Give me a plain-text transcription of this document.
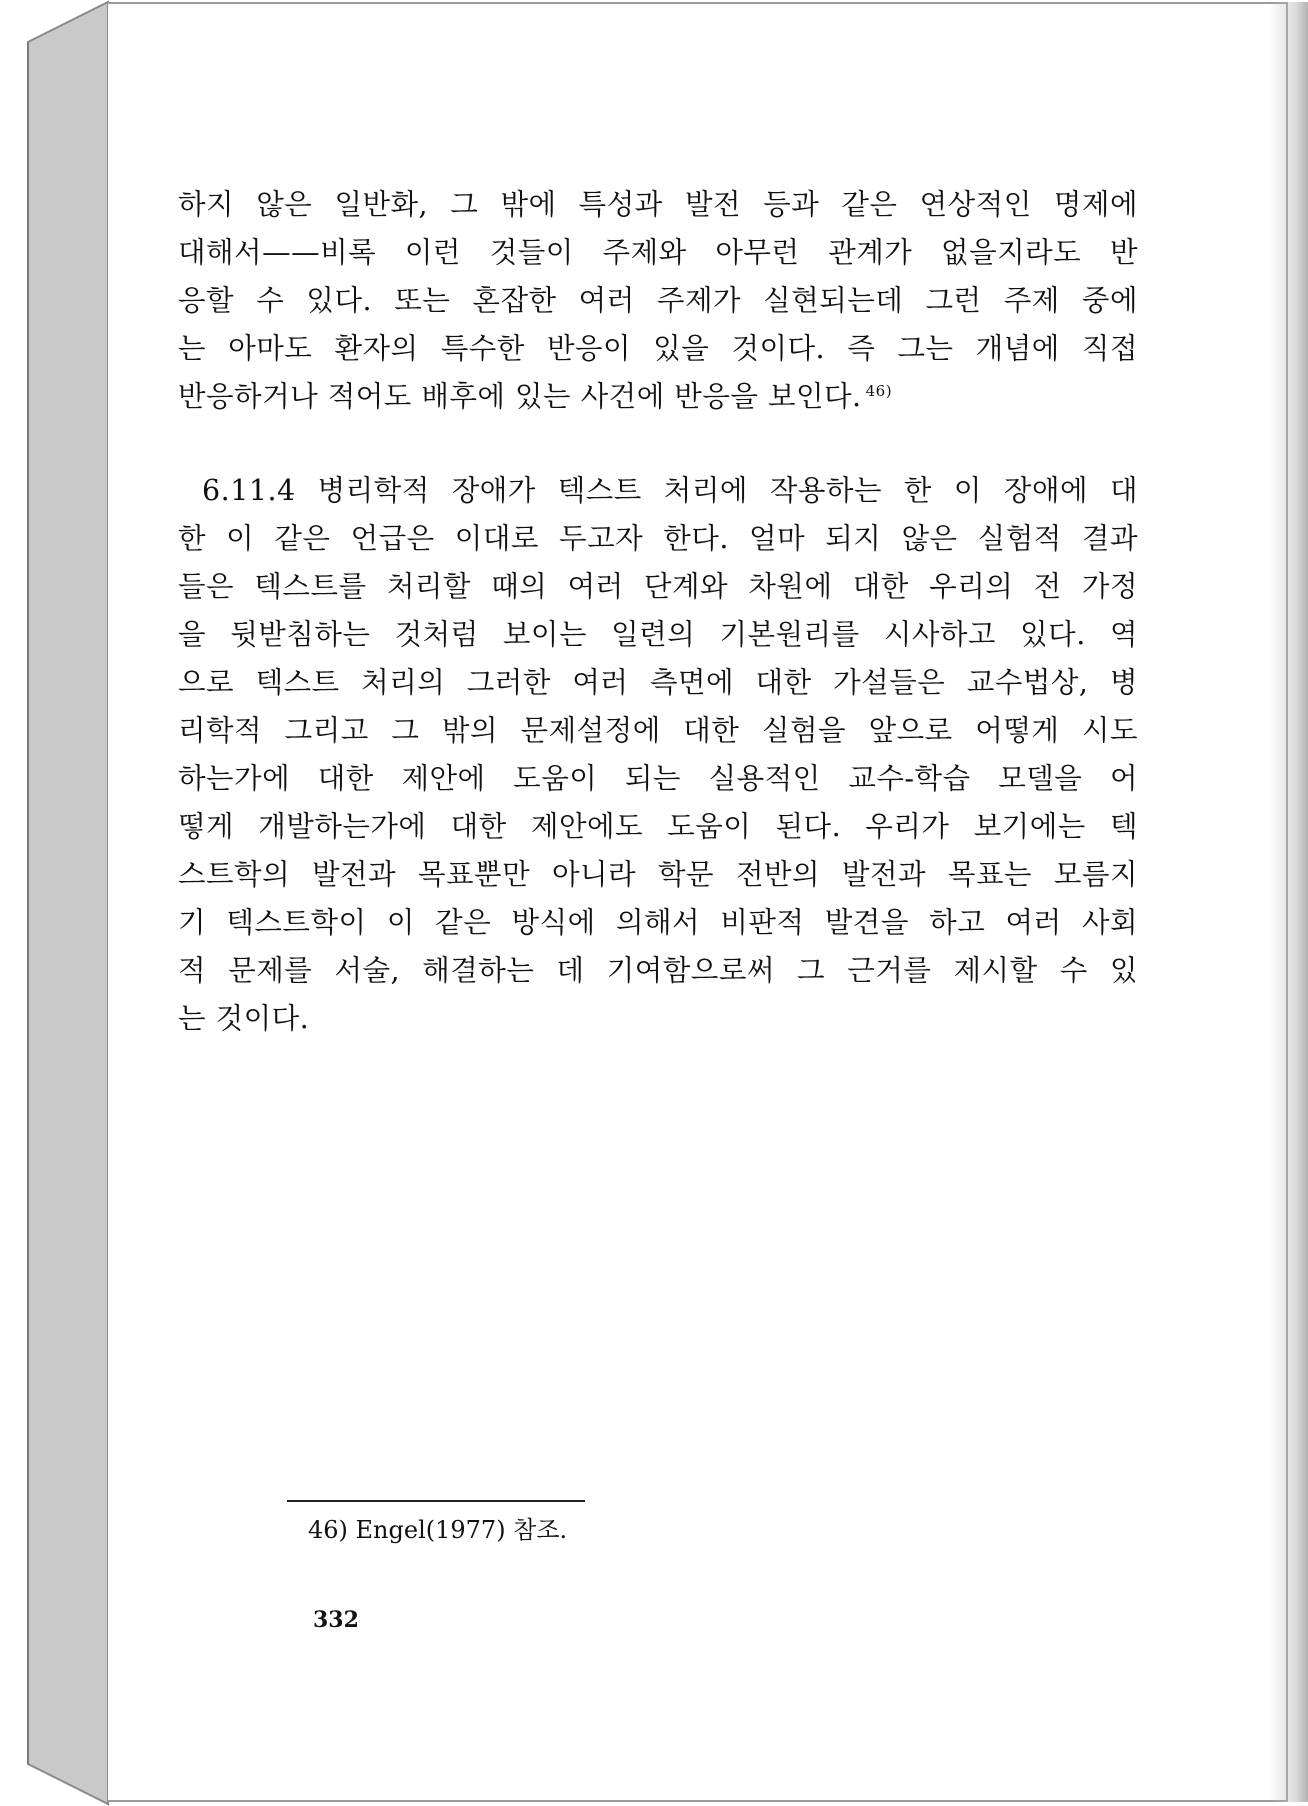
하지 않은 일반화, 그 밖에 특성과 발전 등과 같은 연상적인 명제에
대해서——비록 이런 것들이 주제와 아무런 관계가 없을지라도 반
응할 수 있다. 또는 혼잡한 여러 주제가 실현되는데 그런 주제 중에
는 아마도 환자의 특수한 반응이 있을 것이다. 즉 그는 개념에 직접
반응하거나 적어도 배후에 있는 사건에 반응을 보인다. $^{46)}$
6.11.4 병리학적 장애가 텍스트 처리에 작용하는 한 이 장애에 대
한 이 같은 언급은 이대로 두고자 한다. 얼마 되지 않은 실험적 결과
들은 텍스트를 처리할 때의 여러 단계와 차원에 대한 우리의 전 가정
을 뒷받침하는 것처럼 보이는 일련의 기본원리를 시사하고 있다. 역
으로 텍스트 처리의 그러한 여러 측면에 대한 가설들은 교수법상, 병
리학적 그리고 그 밖의 문제설정에 대한 실험을 앞으로 어떻게 시도
하는가에 대한 제안에 도움이 되는 실용적인 교수-학습 모델을 어
떻게 개발하는가에 대한 제안에도 도움이 된다. 우리가 보기에는 텍
스트학의 발전과 목표뿐만 아니라 학문 전반의 발전과 목표는 모름지
기 텍스트학이 이 같은 방식에 의해서 비판적 발견을 하고 여러 사회
적 문제를 서술, 해결하는 데 기여함으로써 그 근거를 제시할 수 있
는 것이다.
46) Engel(1977) 참조.
332
